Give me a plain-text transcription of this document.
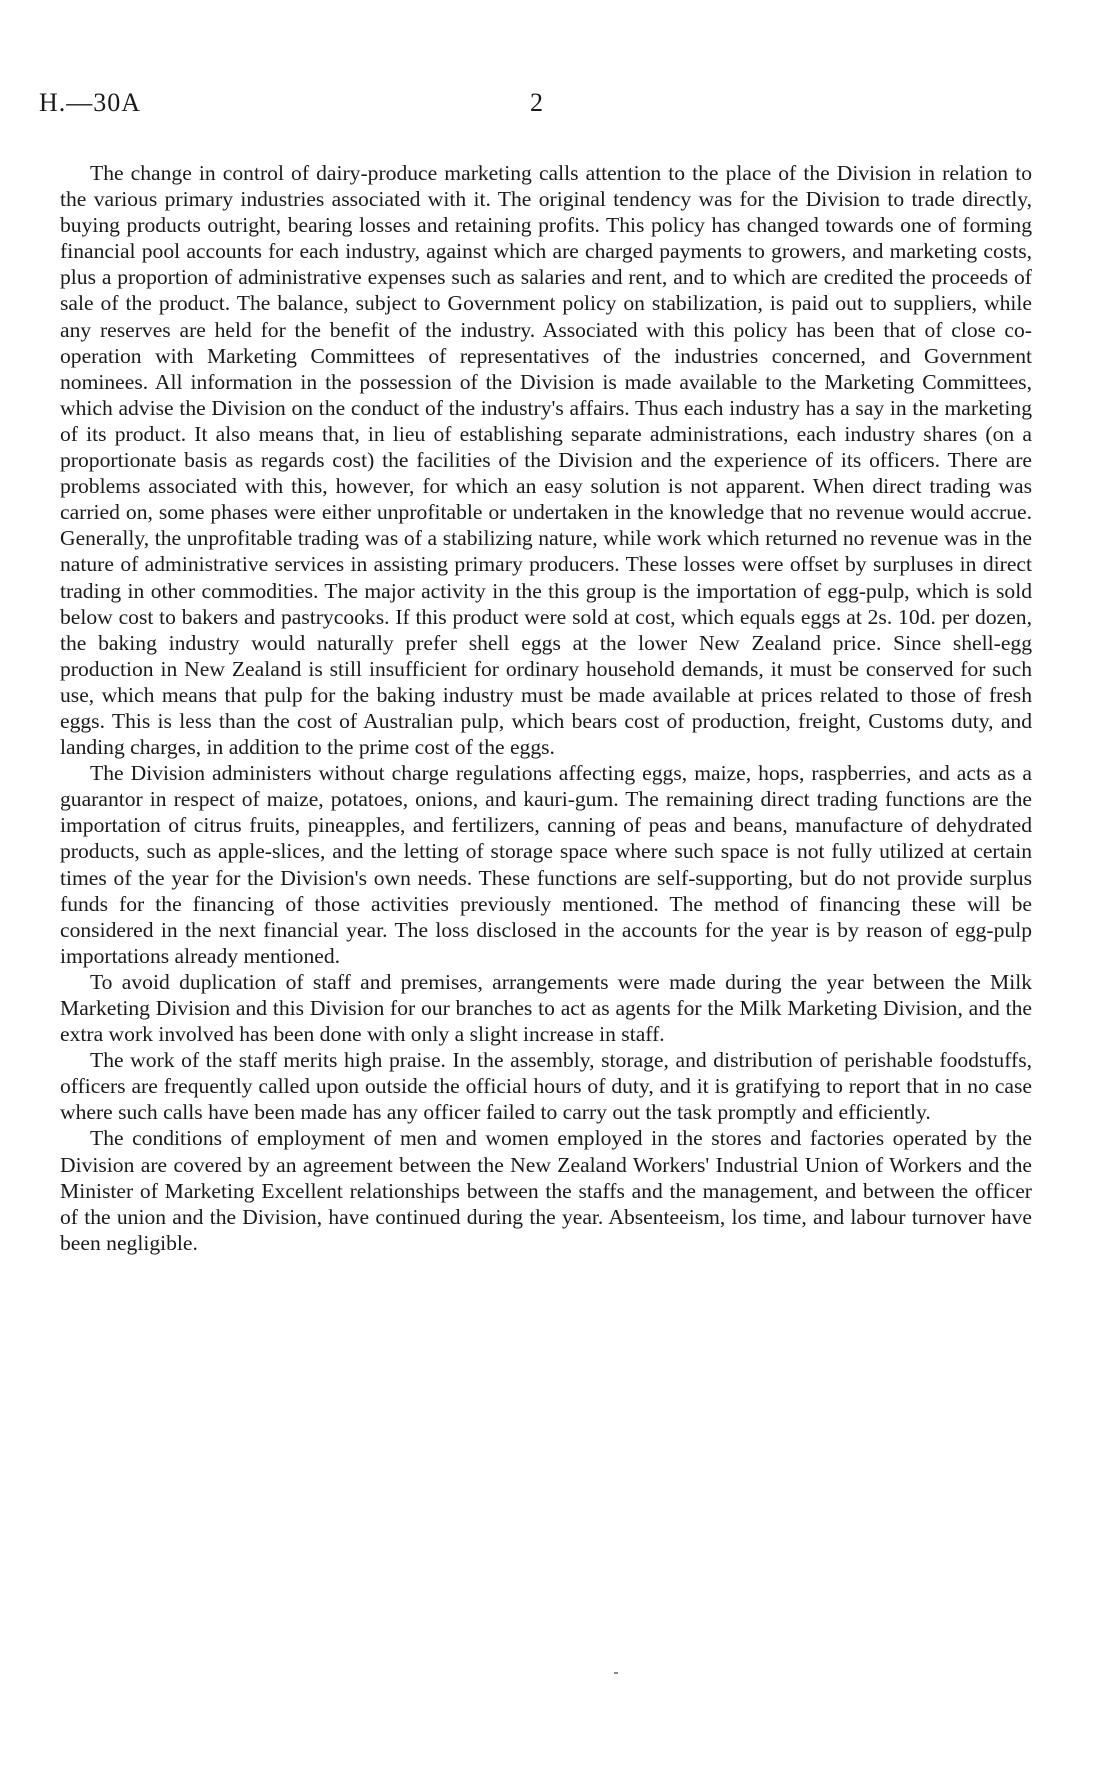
H.—30A	2

The change in control of dairy-produce marketing calls attention to the place of the Division in relation to the various primary industries associated with it. The original tendency was for the Division to trade directly, buying products outright, bearing losses and retaining profits. This policy has changed towards one of forming financial pool accounts for each industry, against which are charged payments to growers, and marketing costs, plus a proportion of administrative expenses such as salaries and rent, and to which are credited the proceeds of sale of the product. The balance, subject to Government policy on stabilization, is paid out to suppliers, while any reserves are held for the benefit of the industry. Associated with this policy has been that of close co-operation with Marketing Committees of representatives of the industries concerned, and Government nominees. All information in the possession of the Division is made available to the Marketing Committees, which advise the Division on the conduct of the industry's affairs. Thus each industry has a say in the marketing of its product. It also means that, in lieu of establishing separate administrations, each industry shares (on a proportionate basis as regards cost) the facilities of the Division and the experience of its officers. There are problems associated with this, however, for which an easy solution is not apparent. When direct trading was carried on, some phases were either unprofitable or undertaken in the knowledge that no revenue would accrue. Generally, the unprofitable trading was of a stabilizing nature, while work which returned no revenue was in the nature of administrative services in assisting primary producers. These losses were offset by surpluses in direct trading in other commodities. The major activity in the this group is the importation of egg-pulp, which is sold below cost to bakers and pastrycooks. If this product were sold at cost, which equals eggs at 2s. 10d. per dozen, the baking industry would naturally prefer shell eggs at the lower New Zealand price. Since shell-egg production in New Zealand is still insufficient for ordinary household demands, it must be conserved for such use, which means that pulp for the baking industry must be made available at prices related to those of fresh eggs. This is less than the cost of Australian pulp, which bears cost of production, freight, Customs duty, and landing charges, in addition to the prime cost of the eggs.

The Division administers without charge regulations affecting eggs, maize, hops, raspberries, and acts as a guarantor in respect of maize, potatoes, onions, and kauri-gum. The remaining direct trading functions are the importation of citrus fruits, pineapples, and fertilizers, canning of peas and beans, manufacture of dehydrated products, such as apple-slices, and the letting of storage space where such space is not fully utilized at certain times of the year for the Division's own needs. These functions are self-supporting, but do not provide surplus funds for the financing of those activities previously mentioned. The method of financing these will be considered in the next financial year. The loss disclosed in the accounts for the year is by reason of egg-pulp importations already mentioned.

To avoid duplication of staff and premises, arrangements were made during the year between the Milk Marketing Division and this Division for our branches to act as agents for the Milk Marketing Division, and the extra work involved has been done with only a slight increase in staff.

The work of the staff merits high praise. In the assembly, storage, and distribution of perishable foodstuffs, officers are frequently called upon outside the official hours of duty, and it is gratifying to report that in no case where such calls have been made has any officer failed to carry out the task promptly and efficiently.

The conditions of employment of men and women employed in the stores and factories operated by the Division are covered by an agreement between the New Zealand Workers' Industrial Union of Workers and the Minister of Marketing Excellent relationships between the staffs and the management, and between the officer of the union and the Division, have continued during the year. Absenteeism, los time, and labour turnover have been negligible.
